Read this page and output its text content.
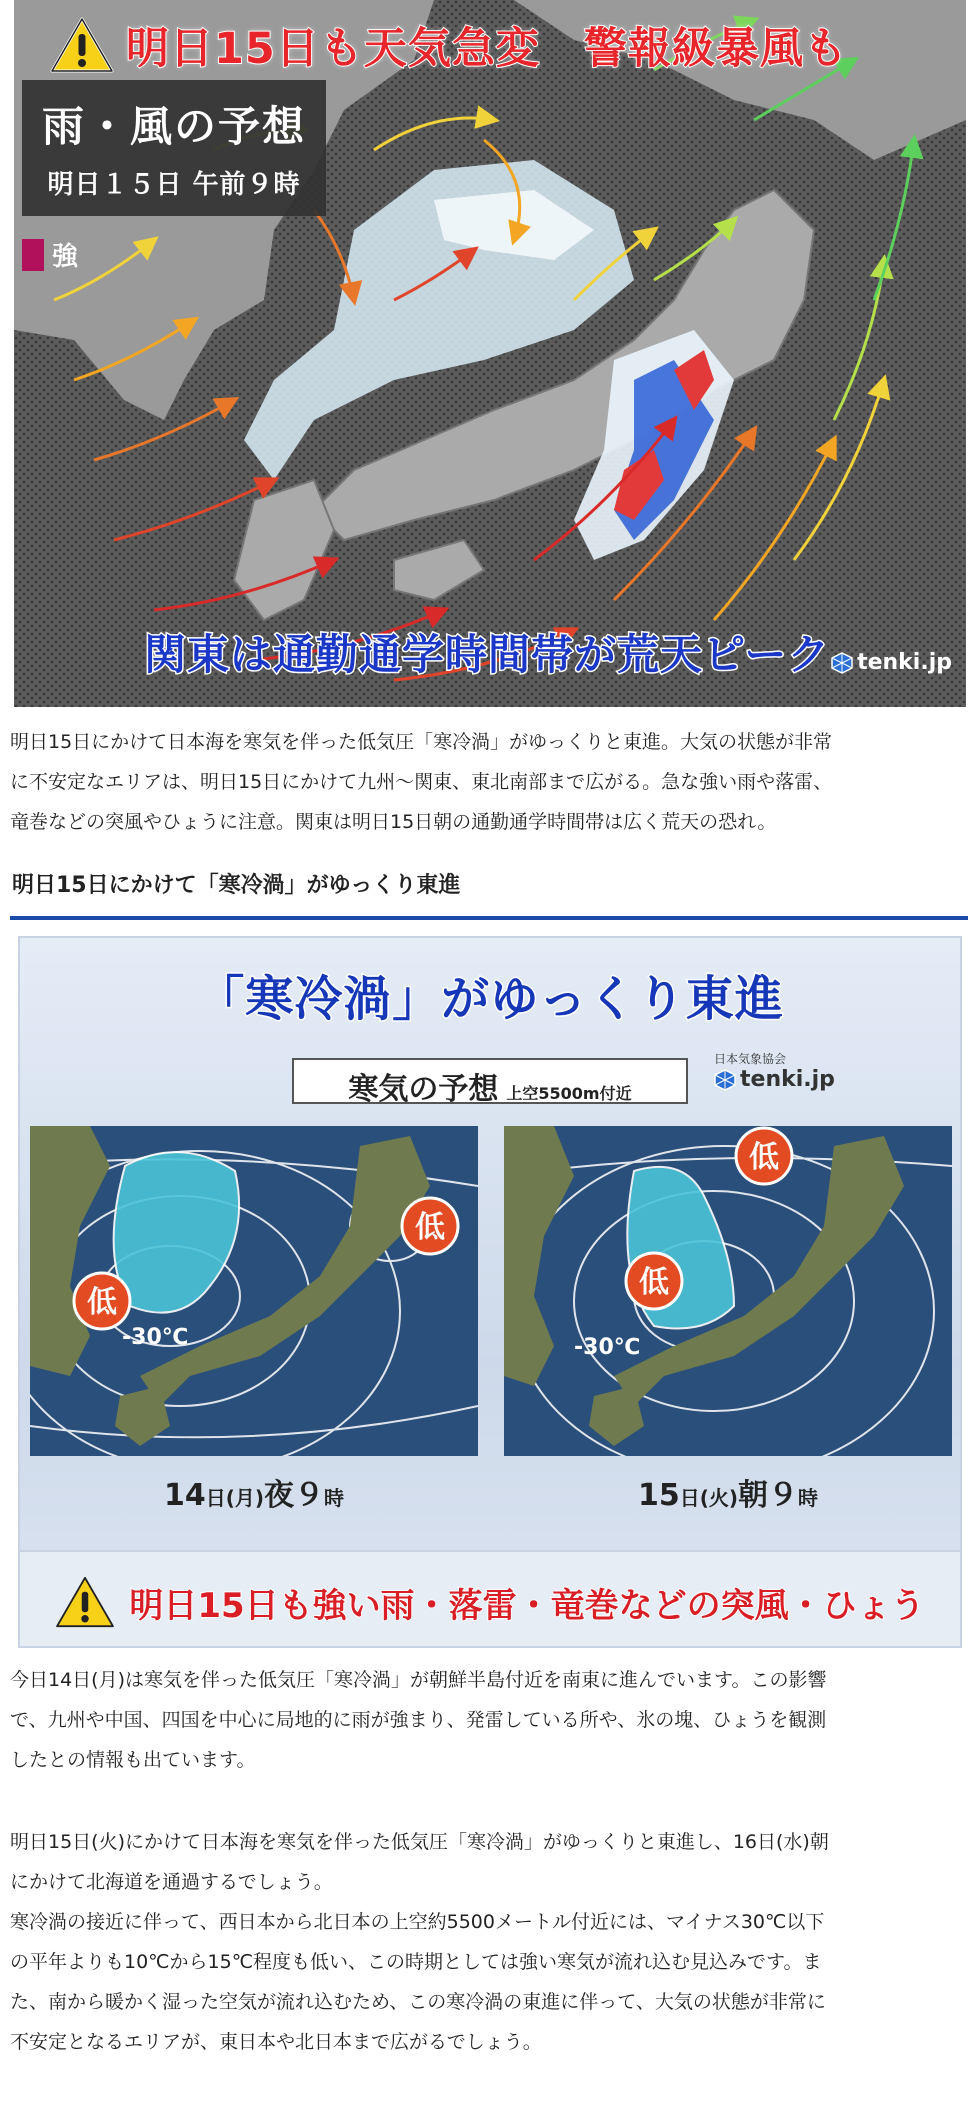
明日15日も天気急変　警報級暴風も
雨・風の予想
明日１５日 午前９時
強
関東は通勤通学時間帯が荒天ピーク tenki.jp
明日15日にかけて日本海を寒気を伴った低気圧「寒冷渦」がゆっくりと東進。大気の状態が非常
に不安定なエリアは、明日15日にかけて九州～関東、東北南部まで広がる。急な強い雨や落雷、
竜巻などの突風やひょうに注意。関東は明日15日朝の通勤通学時間帯は広く荒天の恐れ。
明日15日にかけて「寒冷渦」がゆっくり東進
「寒冷渦」がゆっくり東進
寒気の予想 上空5500m付近
日本気象協会
tenki.jp
低
低
-30℃
14日(月)夜９時
低
低
-30℃
15日(火)朝９時
明日15日も強い雨・落雷・竜巻などの突風・ひょう
今日14日(月)は寒気を伴った低気圧「寒冷渦」が朝鮮半島付近を南東に進んでいます。この影響
で、九州や中国、四国を中心に局地的に雨が強まり、発雷している所や、氷の塊、ひょうを観測
したとの情報も出ています。
明日15日(火)にかけて日本海を寒気を伴った低気圧「寒冷渦」がゆっくりと東進し、16日(水)朝
にかけて北海道を通過するでしょう。
寒冷渦の接近に伴って、西日本から北日本の上空約5500メートル付近には、マイナス30℃以下
の平年よりも10℃から15℃程度も低い、この時期としては強い寒気が流れ込む見込みです。ま
た、南から暖かく湿った空気が流れ込むため、この寒冷渦の東進に伴って、大気の状態が非常に
不安定となるエリアが、東日本や北日本まで広がるでしょう。
